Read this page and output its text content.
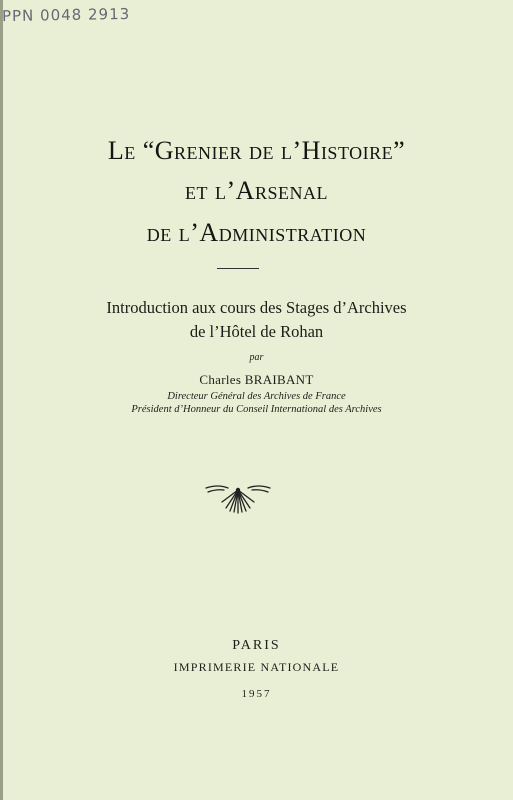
PPN 0048 2913
Le “Grenier de l’Histoire”
et l’Arsenal
de l’Administration
Introduction aux cours des Stages d’Archives
de l’Hôtel de Rohan
par
Charles BRAIBANT
Directeur Général des Archives de France
Président d’Honneur du Conseil International des Archives
PARIS
IMPRIMERIE NATIONALE
1957
